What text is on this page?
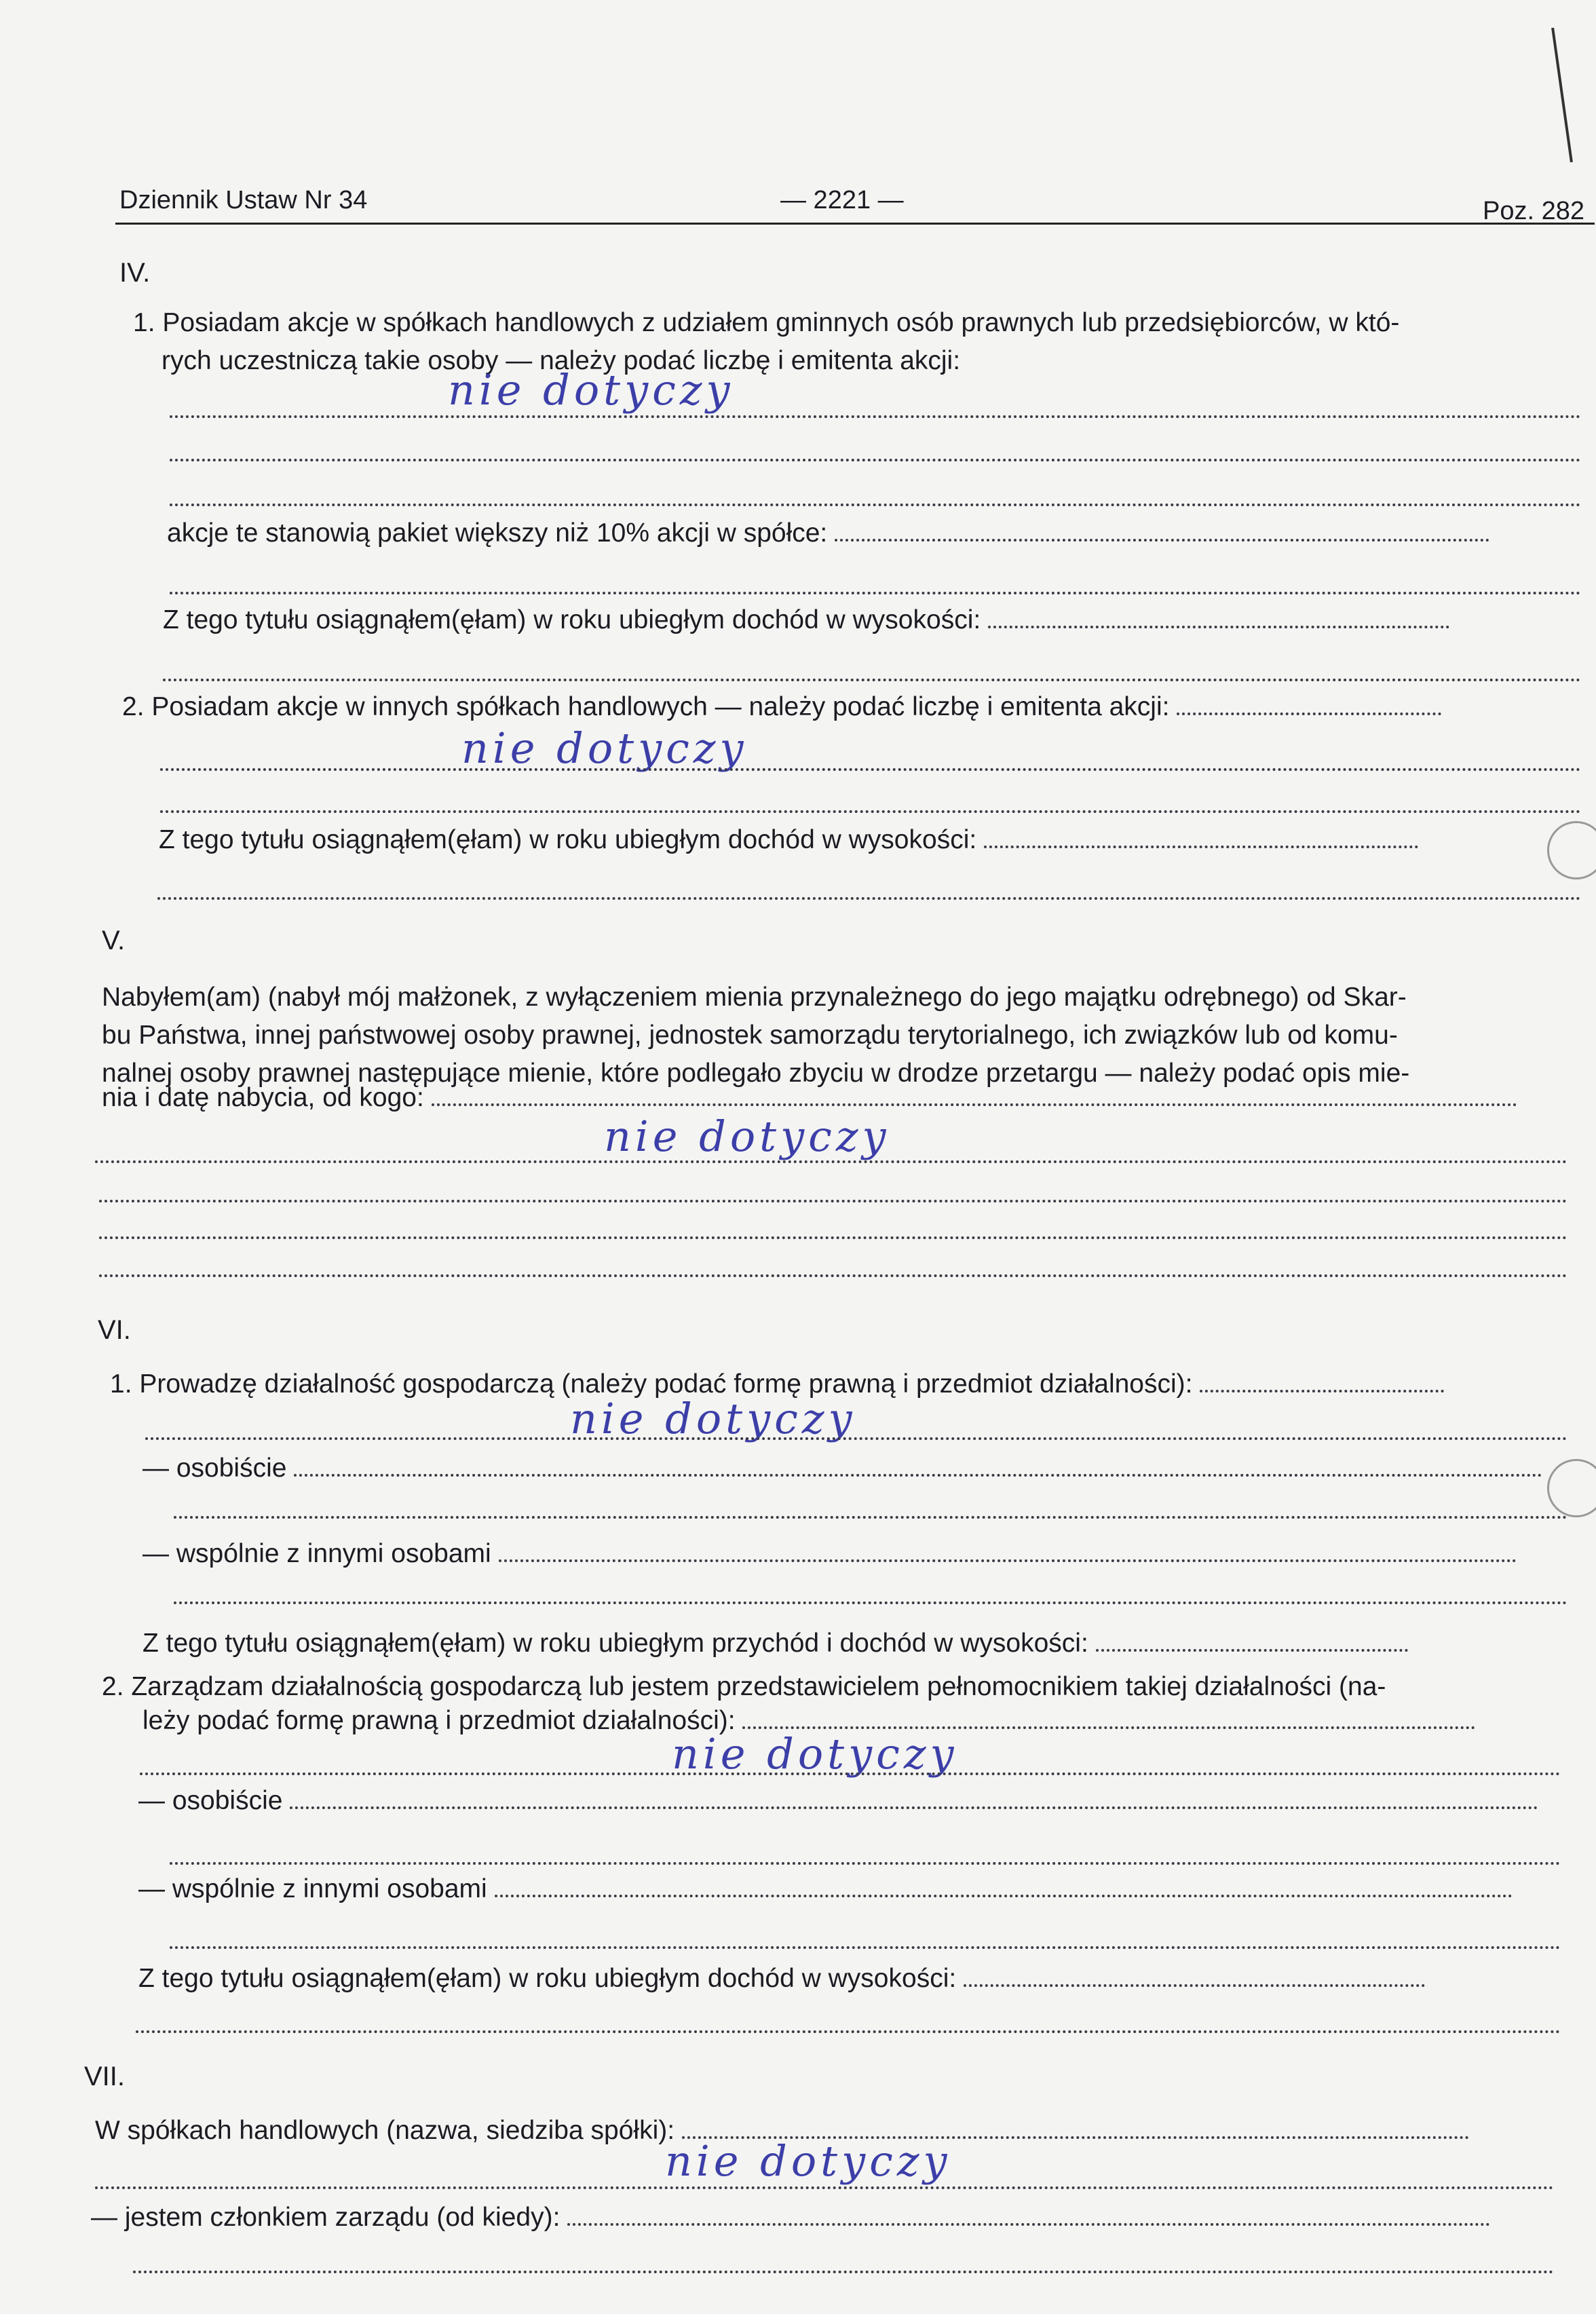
Dziennik Ustaw Nr 34	— 2221 —	Poz. 282
IV.
1. Posiadam akcje w spółkach handlowych z udziałem gminnych osób prawnych lub przedsiębiorców, w któ-
rych uczestniczą takie osoby — należy podać liczbę i emitenta akcji:
nie dotyczy
akcje te stanowią pakiet większy niż 10% akcji w spółce:
Z tego tytułu osiągnąłem(ęłam) w roku ubiegłym dochód w wysokości:
2. Posiadam akcje w innych spółkach handlowych — należy podać liczbę i emitenta akcji:
nie dotyczy
Z tego tytułu osiągnąłem(ęłam) w roku ubiegłym dochód w wysokości:
V.
Nabyłem(am) (nabył mój małżonek, z wyłączeniem mienia przynależnego do jego majątku odrębnego) od Skar-
bu Państwa, innej państwowej osoby prawnej, jednostek samorządu terytorialnego, ich związków lub od komu-
nalnej osoby prawnej następujące mienie, które podlegało zbyciu w drodze przetargu — należy podać opis mie-
nia i datę nabycia, od kogo:
nie dotyczy
VI.
1. Prowadzę działalność gospodarczą (należy podać formę prawną i przedmiot działalności):
nie dotyczy
— osobiście
— wspólnie z innymi osobami
Z tego tytułu osiągnąłem(ęłam) w roku ubiegłym przychód i dochód w wysokości:
2. Zarządzam działalnością gospodarczą lub jestem przedstawicielem pełnomocnikiem takiej działalności (na-
leży podać formę prawną i przedmiot działalności):
nie dotyczy
— osobiście
— wspólnie z innymi osobami
Z tego tytułu osiągnąłem(ęłam) w roku ubiegłym dochód w wysokości:
VII.
W spółkach handlowych (nazwa, siedziba spółki):
nie dotyczy
— jestem członkiem zarządu (od kiedy):
